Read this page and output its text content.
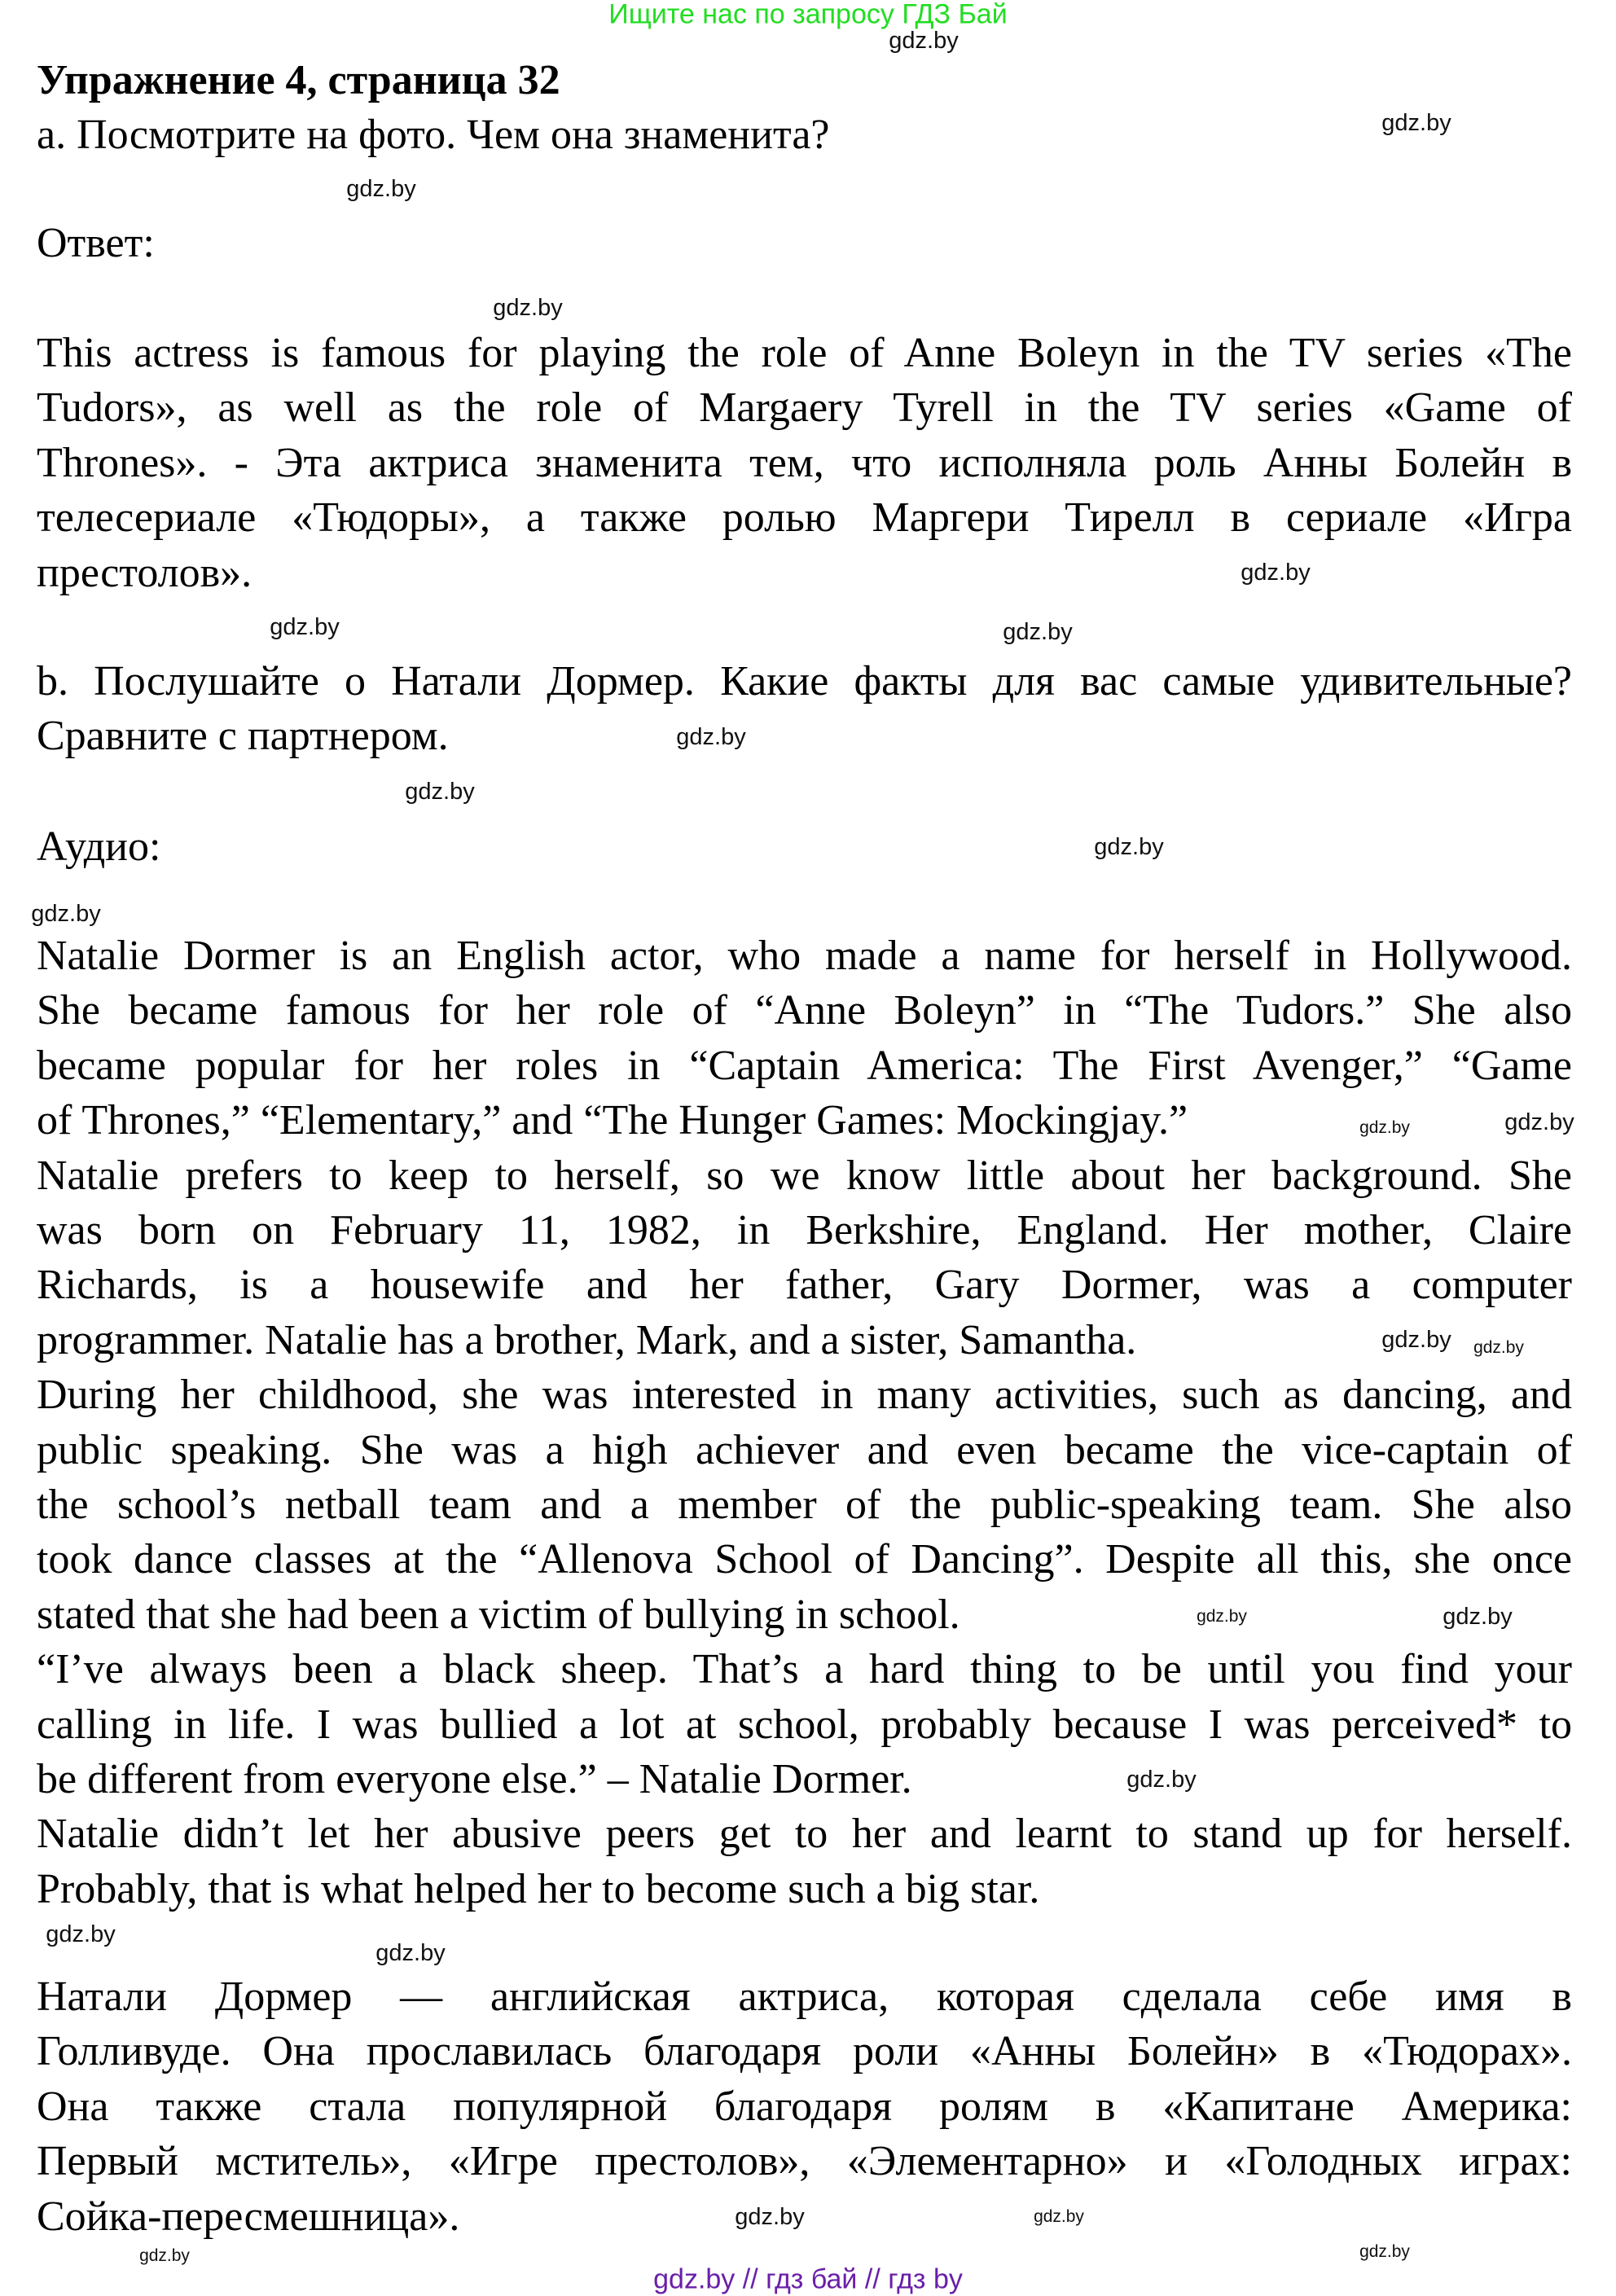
Ищите нас по запросу ГДЗ Бай
Упражнение 4, страница 32
a. Посмотрите на фото. Чем она знаменита?
Ответ:
Аудио:
This actress is famous for playing the role of Anne Boleyn in the TV series «The
Tudors», as well as the role of Margaery Tyrell in the TV series «Game of
Thrones». - Эта актриса знаменита тем, что исполняла роль Анны Болейн в
телесериале «Тюдоры», а также ролью Маргери Тирелл в сериале «Игра
престолов».
b. Послушайте о Натали Дормер. Какие факты для вас самые удивительные?
Сравните с партнером.
Natalie Dormer is an English actor, who made a name for herself in Hollywood.
She became famous for her role of “Anne Boleyn” in “The Tudors.” She also
became popular for her roles in “Captain America: The First Avenger,” “Game
of Thrones,” “Elementary,” and “The Hunger Games: Mockingjay.”
Natalie prefers to keep to herself, so we know little about her background. She
was born on February 11, 1982, in Berkshire, England. Her mother, Claire
Richards, is a housewife and her father, Gary Dormer, was a computer
programmer. Natalie has a brother, Mark, and a sister, Samantha.
During her childhood, she was interested in many activities, such as dancing, and
public speaking. She was a high achiever and even became the vice-captain of
the school’s netball team and a member of the public-speaking team. She also
took dance classes at the “Allenova School of Dancing”. Despite all this, she once
stated that she had been a victim of bullying in school.
“I’ve always been a black sheep. That’s a hard thing to be until you find your
calling in life. I was bullied a lot at school, probably because I was perceived* to
be different from everyone else.” – Natalie Dormer.
Natalie didn’t let her abusive peers get to her and learnt to stand up for herself.
Probably, that is what helped her to become such a big star.
Натали Дормер — английская актриса, которая сделала себе имя в
Голливуде. Она прославилась благодаря роли «Анны Болейн» в «Тюдорах».
Она также стала популярной благодаря ролям в «Капитане Америка:
Первый мститель», «Игре престолов», «Элементарно» и «Голодных играх:
Сойка-пересмешница».
gdz.by
gdz.by
gdz.by
gdz.by
gdz.by
gdz.by	gdz.by
gdz.by
gdz.by
gdz.by
gdz.by
gdz.by
gdz.by
gdz.by gdz.by
gdz.by	gdz.by
gdz.by
gdz.by
gdz.by
gdz.by
gdz.by
gdz.by
gdz.by
gdz.by // гдз бай // гдз by
